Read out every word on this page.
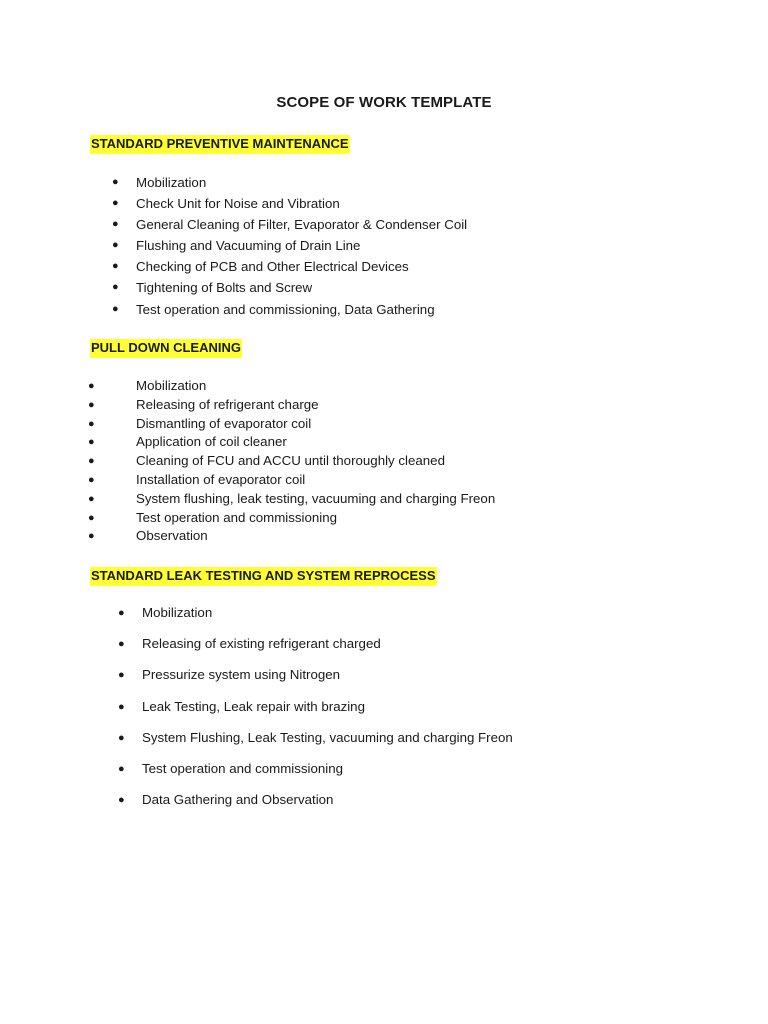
SCOPE OF WORK TEMPLATE
STANDARD PREVENTIVE MAINTENANCE
● Mobilization
● Check Unit for Noise and Vibration
● General Cleaning of Filter, Evaporator & Condenser Coil
● Flushing and Vacuuming of Drain Line
● Checking of PCB and Other Electrical Devices
● Tightening of Bolts and Screw
● Test operation and commissioning, Data Gathering
PULL DOWN CLEANING
●	Mobilization
●	Releasing of refrigerant charge
●	Dismantling of evaporator coil
●	Application of coil cleaner
●	Cleaning of FCU and ACCU until thoroughly cleaned
●	Installation of evaporator coil
●	System flushing, leak testing, vacuuming and charging Freon
●	Test operation and commissioning
●	Observation
STANDARD LEAK TESTING AND SYSTEM REPROCESS
● Mobilization
● Releasing of existing refrigerant charged
● Pressurize system using Nitrogen
● Leak Testing, Leak repair with brazing
● System Flushing, Leak Testing, vacuuming and charging Freon
● Test operation and commissioning
● Data Gathering and Observation
